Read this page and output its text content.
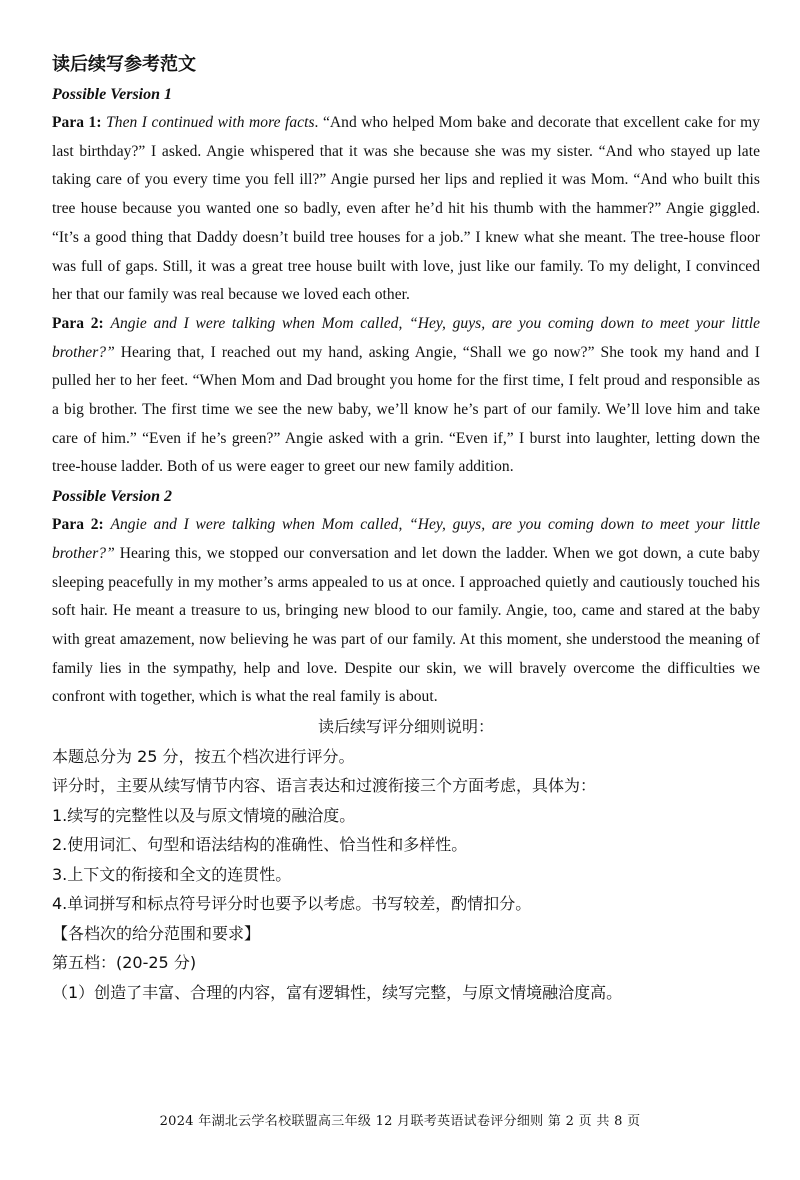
读后续写参考范文

Possible Version 1

Para 1: Then I continued with more facts. “And who helped Mom bake and decorate that excellent cake for my last birthday?” I asked. Angie whispered that it was she because she was my sister. “And who stayed up late taking care of you every time you fell ill?” Angie pursed her lips and replied it was Mom. “And who built this tree house because you wanted one so badly, even after he’d hit his thumb with the hammer?” Angie giggled. “It’s a good thing that Daddy doesn’t build tree houses for a job.” I knew what she meant. The tree-house floor was full of gaps. Still, it was a great tree house built with love, just like our family. To my delight, I convinced her that our family was real because we loved each other.

Para 2: Angie and I were talking when Mom called, “Hey, guys, are you coming down to meet your little brother?” Hearing that, I reached out my hand, asking Angie, “Shall we go now?” She took my hand and I pulled her to her feet. “When Mom and Dad brought you home for the first time, I felt proud and responsible as a big brother. The first time we see the new baby, we’ll know he’s part of our family. We’ll love him and take care of him.” “Even if he’s green?” Angie asked with a grin. “Even if,” I burst into laughter, letting down the tree-house ladder. Both of us were eager to greet our new family addition.

Possible Version 2

Para 2: Angie and I were talking when Mom called, “Hey, guys, are you coming down to meet your little brother?” Hearing this, we stopped our conversation and let down the ladder. When we got down, a cute baby sleeping peacefully in my mother’s arms appealed to us at once. I approached quietly and cautiously touched his soft hair. He meant a treasure to us, bringing new blood to our family. Angie, too, came and stared at the baby with great amazement, now believing he was part of our family. At this moment, she understood the meaning of family lies in the sympathy, help and love. Despite our skin, we will bravely overcome the difficulties we confront with together, which is what the real family is about.

读后续写评分细则说明：

本题总分为 25 分，按五个档次进行评分。

评分时，主要从续写情节内容、语言表达和过渡衔接三个方面考虑，具体为：

1.续写的完整性以及与原文情境的融洽度。

2.使用词汇、句型和语法结构的准确性、恰当性和多样性。

3.上下文的衔接和全文的连贯性。

4.单词拼写和标点符号评分时也要予以考虑。书写较差，酌情扣分。

【各档次的给分范围和要求】

第五档：(20-25 分)

（1）创造了丰富、合理的内容，富有逻辑性，续写完整，与原文情境融洽度高。

2024 年湖北云学名校联盟高三年级 12 月联考英语试卷评分细则 第 2 页 共 8 页
